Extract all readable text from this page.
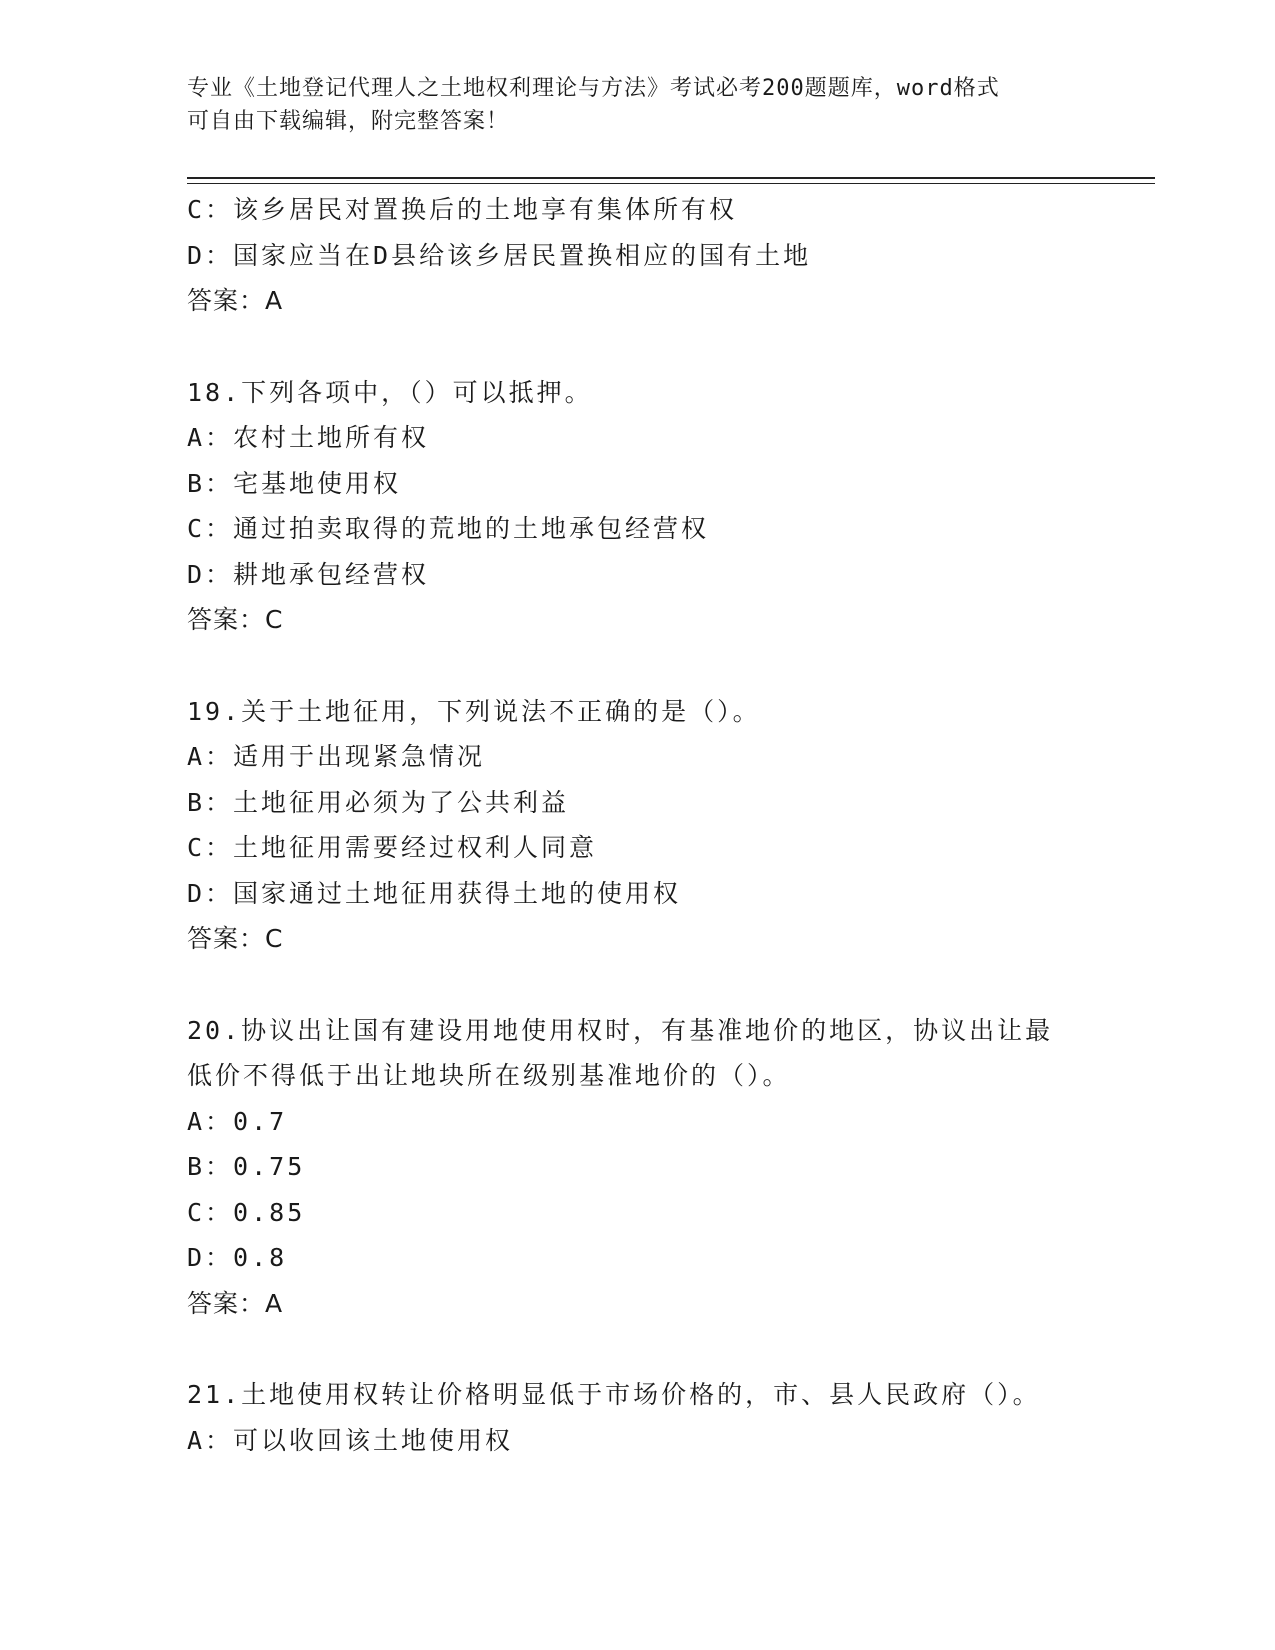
专业《土地登记代理人之土地权利理论与方法》考试必考200题题库，word格式
可自由下载编辑，附完整答案！
C：该乡居民对置换后的土地享有集体所有权
D：国家应当在D县给该乡居民置换相应的国有土地
答案：A
18.下列各项中，（）可以抵押。
A：农村土地所有权
B：宅基地使用权
C：通过拍卖取得的荒地的土地承包经营权
D：耕地承包经营权
答案：C
19.关于土地征用，下列说法不正确的是（）。
A：适用于出现紧急情况
B：土地征用必须为了公共利益
C：土地征用需要经过权利人同意
D：国家通过土地征用获得土地的使用权
答案：C
20.协议出让国有建设用地使用权时，有基准地价的地区，协议出让最
低价不得低于出让地块所在级别基准地价的（）。
A：0.7
B：0.75
C：0.85
D：0.8
答案：A
21.土地使用权转让价格明显低于市场价格的，市、县人民政府（）。
A：可以收回该土地使用权
